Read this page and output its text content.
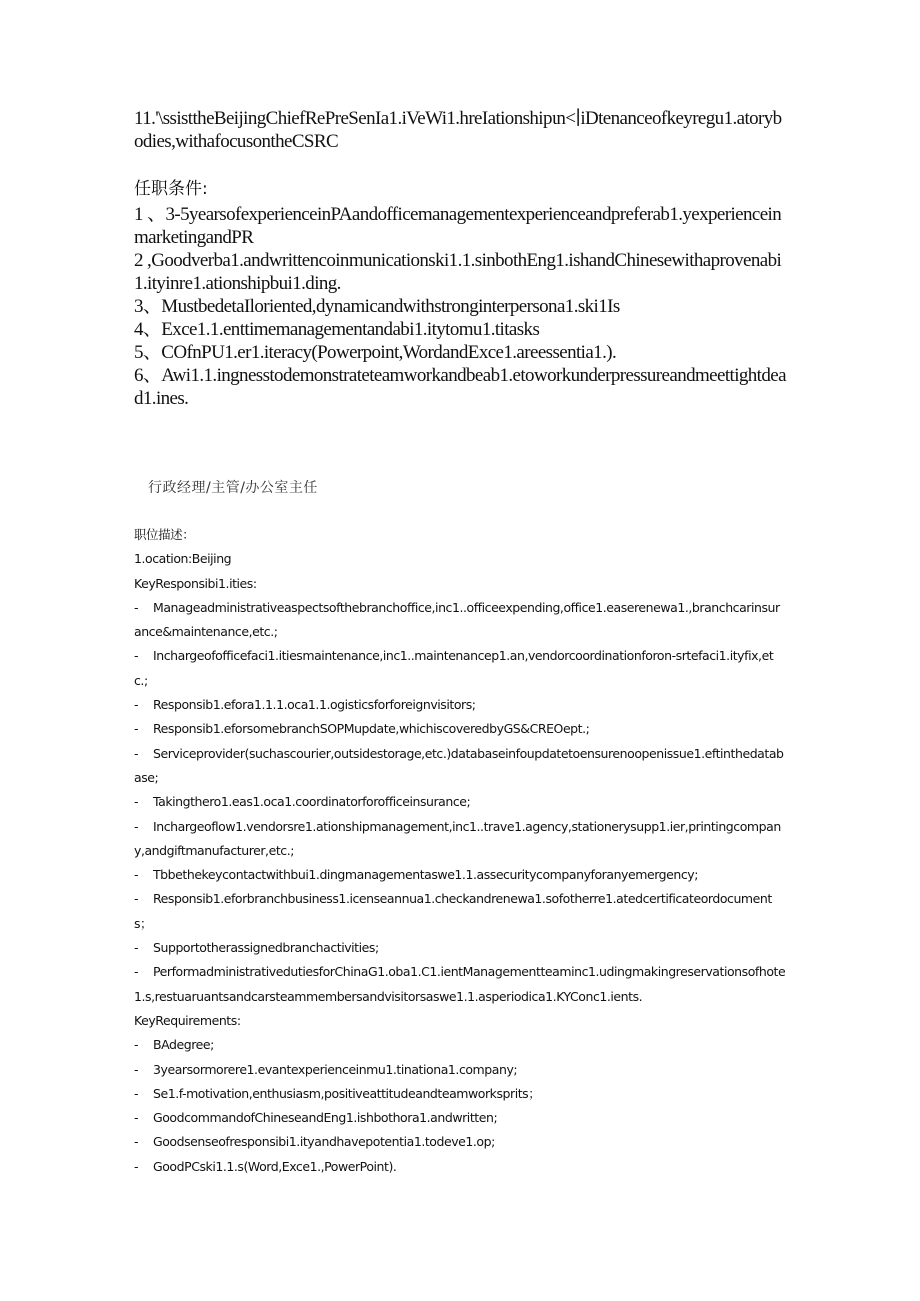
11.'\ssisttheBeijingChiefRePreSenIa1.iVeWi1.hreIationshipιn<∣iDtenanceofkeyregu1.atorybodies,withafocusontheCSRC
任职条件:
1 、3-5yearsofexperienceinPAandofficemanagementexperienceandpreferab1.yexperienceinmarketingandPR
2 ,Goodverba1.andwrittencoinmunicationski1.1.sinbothEng1.ishandChinesewithaprovenabi1.ityinre1.ationshipbui1.ding.
3、MustbedetaIloriented,dynamicandwithstronginterpersona1.ski1Is
4、Exce1.1.enttimemanagementandabi1.itytomu1.titasks
5、COfnPU1.er1.iteracy(Powerpoint,WordandExce1.areessentia1.).
6、Awi1.1.ingnesstodemonstrateteamworkandbeab1.etoworkunderpressureandmeettightdead1.ines.
行政经理/主管/办公室主任
职位描述：
1.ocation:Beijing
KeyResponsibi1.ities:
- Manageadministrativeaspectsofthebranchoffice,inc1..officeexpending,office1.easerenewa1.,branchcarinsurance&maintenance,etc.;
- Inchargeofofficefaci1.itiesmaintenance,inc1..maintenancep1.an,vendorcoordinationforon-srtefaci1.ityfix,etc.;
- Responsib1.efora1.1.1.oca1.1.ogisticsforforeignvisitors;
- Responsib1.eforsomebranchSOPMupdate,whichiscoveredbyGS&CREOept.;
- Serviceprovider(suchascourier,outsidestorage,etc.)databaseinfoupdatetoensurenoopenissue1.eftinthedatabase;
- Takingthero1.eas1.oca1.coordinatorforofficeinsurance;
- Inchargeoflow1.vendorsre1.ationshipmanagement,inc1..trave1.agency,stationerysupp1.ier,printingcompany,andgiftmanufacturer,etc.;
- Tbbethekeycontactwithbui1.dingmanagementaswe1.1.assecuritycompanyforanyemergency;
- Responsib1.eforbranchbusiness1.icenseannua1.checkandrenewa1.sofotherre1.atedcertificateordocuments；
- Supportotherassignedbranchactivities;
- PerformadministrativedutiesforChinaG1.oba1.C1.ientManagementteaminc1.udingmakingreservationsofhote1.s,restuaruantsandcarsteammembersandvisitorsaswe1.1.asperiodica1.KYConc1.ients.
KeyRequirements:
- BAdegree;
- 3yearsormorere1.evantexperienceinmu1.tinationa1.company;
- Se1.f-motivation,enthusiasm,positiveattitudeandteamworksprits；
- GoodcommandofChineseandEng1.ishbothora1.andwritten;
- Goodsenseofresponsibi1.ityandhavepotentia1.todeve1.op;
- GoodPCski1.1.s(Word,Exce1.,PowerPoint).
